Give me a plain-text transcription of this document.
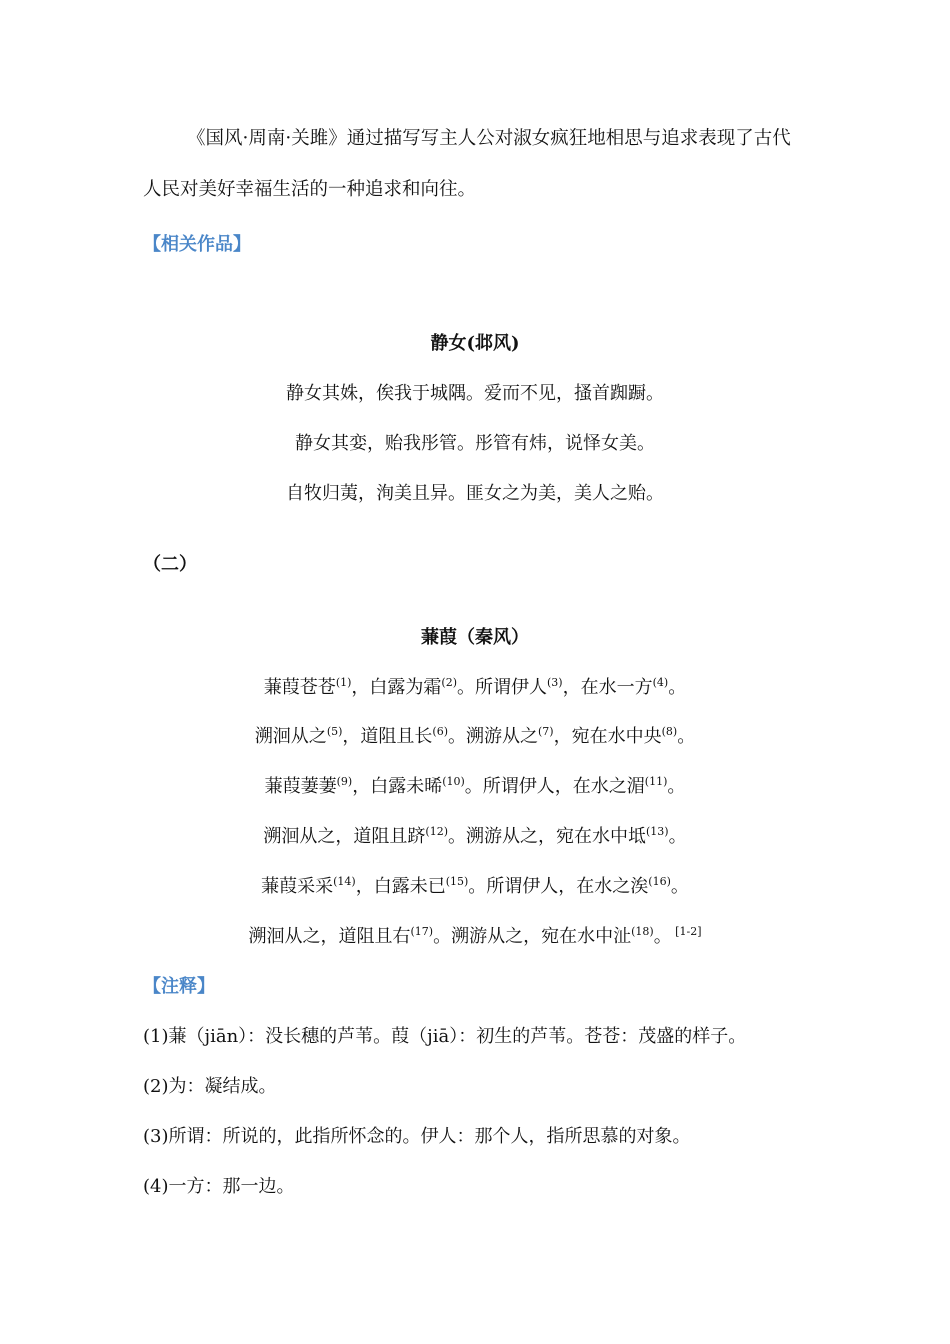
《国风·周南·关雎》通过描写写主人公对淑女疯狂地相思与追求表现了古代
人民对美好幸福生活的一种追求和向往。
【相关作品】
静女(邶风)
静女其姝，俟我于城隅。爱而不见，搔首踟蹰。
静女其娈，贻我彤管。彤管有炜，说怿女美。
自牧归荑，洵美且异。匪女之为美，美人之贻。
（二）
蒹葭（秦风）
蒹葭苍苍$^{(1)}$，白露为霜$^{(2)}$。所谓伊人$^{(3)}$，在水一方$^{(4)}$。
溯洄从之$^{(5)}$，道阻且长$^{(6)}$。溯游从之$^{(7)}$，宛在水中央$^{(8)}$。
蒹葭萋萋$^{(9)}$，白露未晞$^{(10)}$。所谓伊人，在水之湄$^{(11)}$。
溯洄从之，道阻且跻$^{(12)}$。溯游从之，宛在水中坻$^{(13)}$。
蒹葭采采$^{(14)}$，白露未已$^{(15)}$。所谓伊人，在水之涘$^{(16)}$。
溯洄从之，道阻且右$^{(17)}$。溯游从之，宛在水中沚$^{(18)}$。 [1-2]
【注释】
(1)蒹（jiān）：没长穗的芦苇。葭（jiā）：初生的芦苇。苍苍：茂盛的样子。
(2)为：凝结成。
(3)所谓：所说的，此指所怀念的。伊人：那个人，指所思慕的对象。
(4)一方：那一边。
